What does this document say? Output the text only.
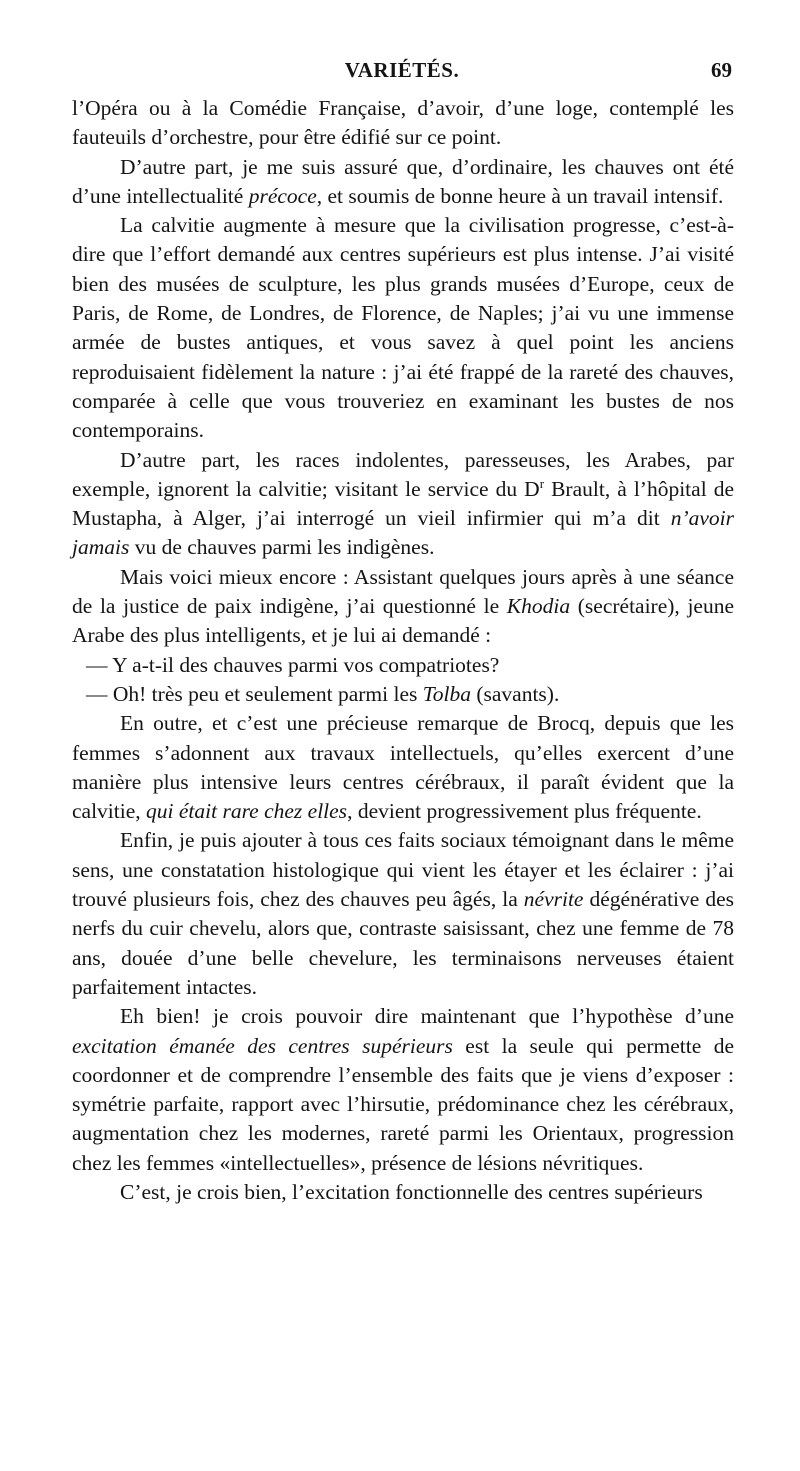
VARIÉTÉS.	69

l’Opéra ou à la Comédie Française, d’avoir, d’une loge, contemplé les fauteuils d’orchestre, pour être édifié sur ce point.

D’autre part, je me suis assuré que, d’ordinaire, les chauves ont été d’une intellectualité précoce, et soumis de bonne heure à un travail intensif.

La calvitie augmente à mesure que la civilisation progresse, c’est-à-dire que l’effort demandé aux centres supérieurs est plus intense. J’ai visité bien des musées de sculpture, les plus grands musées d’Europe, ceux de Paris, de Rome, de Londres, de Florence, de Naples; j’ai vu une immense armée de bustes antiques, et vous savez à quel point les anciens reproduisaient fidèlement la nature : j’ai été frappé de la rareté des chauves, comparée à celle que vous trouveriez en examinant les bustes de nos contemporains.

D’autre part, les races indolentes, paresseuses, les Arabes, par exemple, ignorent la calvitie; visitant le service du $D^r$ Brault, à l’hôpital de Mustapha, à Alger, j’ai interrogé un vieil infirmier qui m’a dit n’avoir jamais vu de chauves parmi les indigènes.

Mais voici mieux encore : Assistant quelques jours après à une séance de la justice de paix indigène, j’ai questionné le Khodia (secrétaire), jeune Arabe des plus intelligents, et je lui ai demandé :

— Y a-t-il des chauves parmi vos compatriotes?

— Oh! très peu et seulement parmi les Tolba (savants).

En outre, et c’est une précieuse remarque de Brocq, depuis que les femmes s’adonnent aux travaux intellectuels, qu’elles exercent d’une manière plus intensive leurs centres cérébraux, il paraît évident que la calvitie, qui était rare chez elles, devient progressivement plus fréquente.

Enfin, je puis ajouter à tous ces faits sociaux témoignant dans le même sens, une constatation histologique qui vient les étayer et les éclairer : j’ai trouvé plusieurs fois, chez des chauves peu âgés, la névrite dégénérative des nerfs du cuir chevelu, alors que, contraste saisissant, chez une femme de 78 ans, douée d’une belle chevelure, les terminaisons nerveuses étaient parfaitement intactes.

Eh bien! je crois pouvoir dire maintenant que l’hypothèse d’une excitation émanée des centres supérieurs est la seule qui permette de coordonner et de comprendre l’ensemble des faits que je viens d’exposer : symétrie parfaite, rapport avec l’hirsutie, prédominance chez les cérébraux, augmentation chez les modernes, rareté parmi les Orientaux, progression chez les femmes «intellectuelles», présence de lésions névritiques.

C’est, je crois bien, l’excitation fonctionnelle des centres supérieurs
